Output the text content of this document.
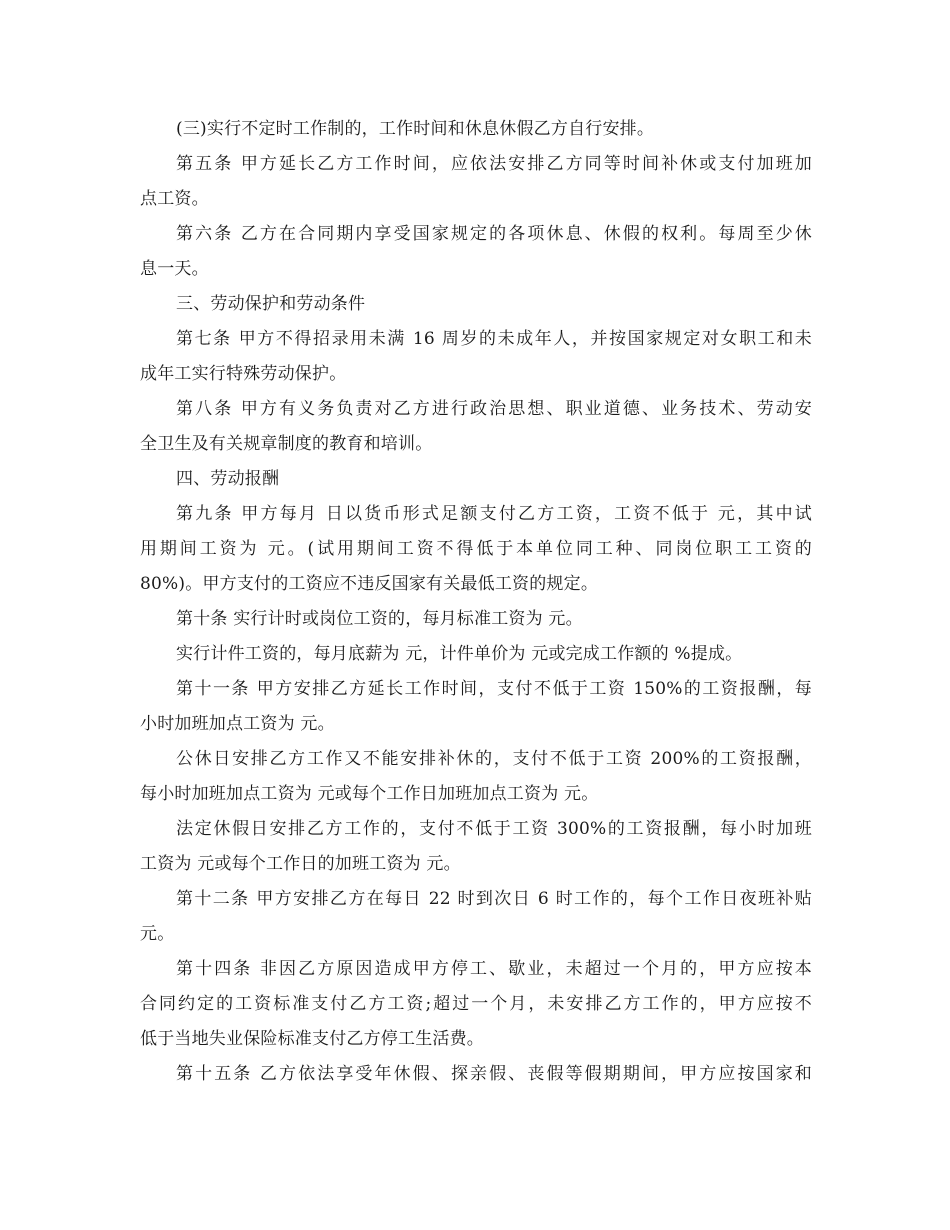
(三)实行不定时工作制的，工作时间和休息休假乙方自行安排。
第五条 甲方延长乙方工作时间，应依法安排乙方同等时间补休或支付加班加
点工资。
第六条 乙方在合同期内享受国家规定的各项休息、休假的权利。每周至少休
息一天。
三、劳动保护和劳动条件
第七条 甲方不得招录用未满 16 周岁的未成年人，并按国家规定对女职工和未
成年工实行特殊劳动保护。
第八条 甲方有义务负责对乙方进行政治思想、职业道德、业务技术、劳动安
全卫生及有关规章制度的教育和培训。
四、劳动报酬
第九条 甲方每月 日以货币形式足额支付乙方工资，工资不低于 元，其中试
用期间工资为 元。(试用期间工资不得低于本单位同工种、同岗位职工工资的
80%)。甲方支付的工资应不违反国家有关最低工资的规定。
第十条 实行计时或岗位工资的，每月标准工资为 元。
实行计件工资的，每月底薪为 元，计件单价为 元或完成工作额的 %提成。
第十一条 甲方安排乙方延长工作时间，支付不低于工资 150%的工资报酬，每
小时加班加点工资为 元。
公休日安排乙方工作又不能安排补休的，支付不低于工资 200%的工资报酬，
每小时加班加点工资为 元或每个工作日加班加点工资为 元。
法定休假日安排乙方工作的，支付不低于工资 300%的工资报酬，每小时加班
工资为 元或每个工作日的加班工资为 元。
第十二条 甲方安排乙方在每日 22 时到次日 6 时工作的，每个工作日夜班补贴
元。
第十四条 非因乙方原因造成甲方停工、歇业，未超过一个月的，甲方应按本
合同约定的工资标准支付乙方工资;超过一个月，未安排乙方工作的，甲方应按不
低于当地失业保险标准支付乙方停工生活费。
第十五条 乙方依法享受年休假、探亲假、丧假等假期期间，甲方应按国家和
